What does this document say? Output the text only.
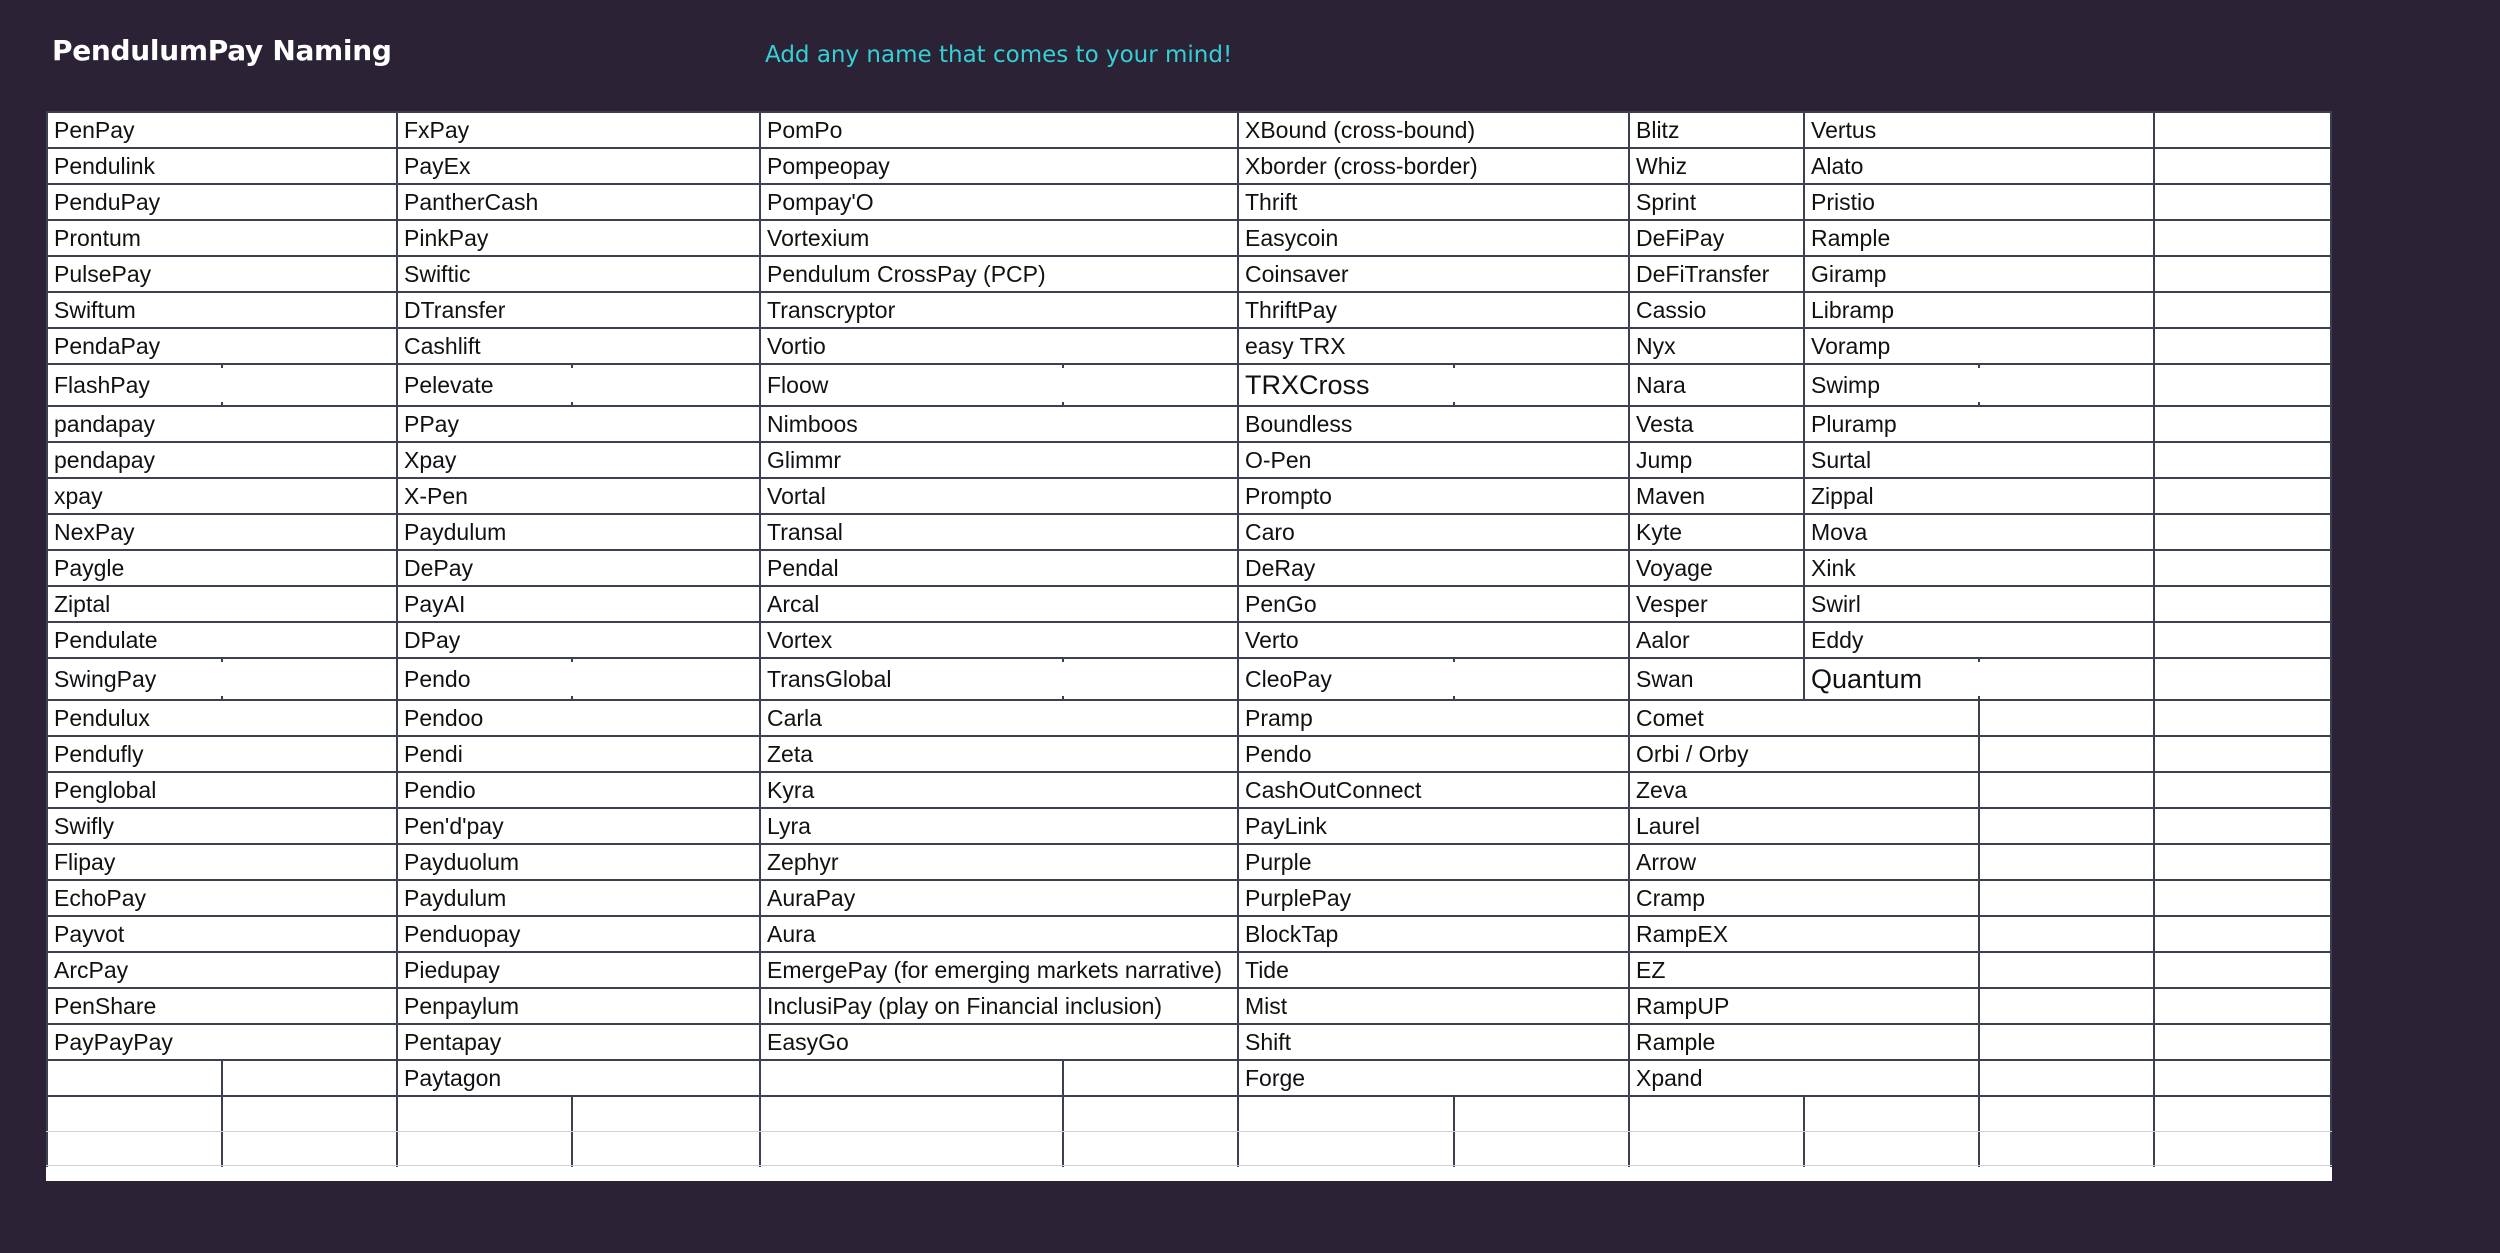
PendulumPay Naming	Add any name that comes to your mind!
PenPay
Pendulink
PenduPay
Prontum
PulsePay
Swiftum
PendaPay
FlashPay
pandapay
pendapay
xpay
NexPay
Paygle
Ziptal
Pendulate
SwingPay
Pendulux
Pendufly
Penglobal
Swifly
Flipay
EchoPay
Payvot
ArcPay
PenShare
PayPayPay
FxPay
PayEx
PantherCash
PinkPay
Swiftic
DTransfer
Cashlift
Pelevate
PPay
Xpay
X-Pen
Paydulum
DePay
PayAI
DPay
Pendo
Pendoo
Pendi
Pendio
Pen'd'pay
Payduolum
Paydulum
Penduopay
Piedupay
Penpaylum
Pentapay
Paytagon
PomPo
Pompeopay
Pompay'O
Vortexium
Pendulum CrossPay (PCP)
Transcryptor
Vortio
Floow
Nimboos
Glimmr
Vortal
Transal
Pendal
Arcal
Vortex
TransGlobal
Carla
Zeta
Kyra
Lyra
Zephyr
AuraPay
Aura
EmergePay (for emerging markets narrative)
InclusiPay (play on Financial inclusion)
EasyGo
XBound (cross-bound)
Xborder (cross-border)
Thrift
Easycoin
Coinsaver
ThriftPay
easy TRX
TRXCross
Boundless
O-Pen
Prompto
Caro
DeRay
PenGo
Verto
CleoPay
Pramp
Pendo
CashOutConnect
PayLink
Purple
PurplePay
BlockTap
Tide
Mist
Shift
Forge
Blitz
Whiz
Sprint
DeFiPay
DeFiTransfer
Cassio
Nyx
Nara
Vesta
Jump
Maven
Kyte
Voyage
Vesper
Aalor
Swan
Comet
Orbi / Orby
Zeva
Laurel
Arrow
Cramp
RampEX
EZ
RampUP
Rample
Xpand
Vertus
Alato
Pristio
Rample
Giramp
Libramp
Voramp
Swimp
Pluramp
Surtal
Zippal
Mova
Xink
Swirl
Eddy
Quantum
